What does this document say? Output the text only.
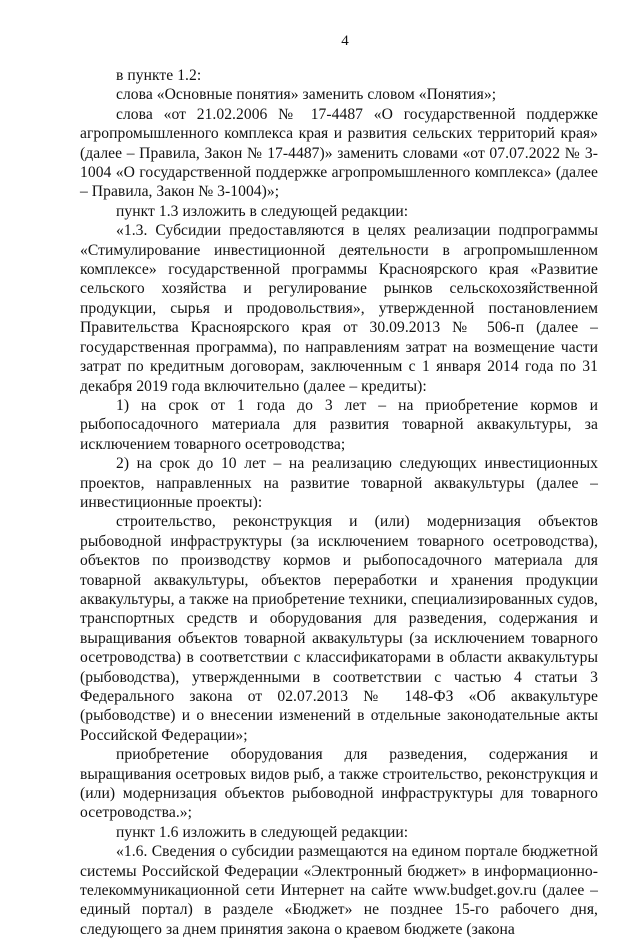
4

в пункте 1.2:

слова «Основные понятия» заменить словом «Понятия»;

слова «от 21.02.2006 № 17-4487 «О государственной поддержке агропромышленного комплекса края и развития сельских территорий края» (далее – Правила, Закон № 17-4487)» заменить словами «от 07.07.2022 № 3-1004 «О государственной поддержке агропромышленного комплекса» (далее – Правила, Закон № 3-1004)»;

пункт 1.3 изложить в следующей редакции:

«1.3. Субсидии предоставляются в целях реализации подпрограммы «Стимулирование инвестиционной деятельности в агропромышленном комплексе» государственной программы Красноярского края «Развитие сельского хозяйства и регулирование рынков сельскохозяйственной продукции, сырья и продовольствия», утвержденной постановлением Правительства Красноярского края от 30.09.2013 № 506-п (далее – государственная программа), по направлениям затрат на возмещение части затрат по кредитным договорам, заключенным с 1 января 2014 года по 31 декабря 2019 года включительно (далее – кредиты):

1) на срок от 1 года до 3 лет – на приобретение кормов и рыбопосадочного материала для развития товарной аквакультуры, за исключением товарного осетроводства;

2) на срок до 10 лет – на реализацию следующих инвестиционных проектов, направленных на развитие товарной аквакультуры (далее – инвестиционные проекты):

строительство, реконструкция и (или) модернизация объектов рыбоводной инфраструктуры (за исключением товарного осетроводства), объектов по производству кормов и рыбопосадочного материала для товарной аквакультуры, объектов переработки и хранения продукции аквакультуры, а также на приобретение техники, специализированных судов, транспортных средств и оборудования для разведения, содержания и выращивания объектов товарной аквакультуры (за исключением товарного осетроводства) в соответствии с классификаторами в области аквакультуры (рыбоводства), утвержденными в соответствии с частью 4 статьи 3 Федерального закона от 02.07.2013 № 148-ФЗ «Об аквакультуре (рыбоводстве) и о внесении изменений в отдельные законодательные акты Российской Федерации»;

приобретение оборудования для разведения, содержания и выращивания осетровых видов рыб, а также строительство, реконструкция и (или) модернизация объектов рыбоводной инфраструктуры для товарного осетроводства.»;

пункт 1.6 изложить в следующей редакции:

«1.6. Сведения о субсидии размещаются на едином портале бюджетной системы Российской Федерации «Электронный бюджет» в информационно-телекоммуникационной сети Интернет на сайте www.budget.gov.ru (далее – единый портал) в разделе «Бюджет» не позднее 15-го рабочего дня, следующего за днем принятия закона о краевом бюджете (закона
